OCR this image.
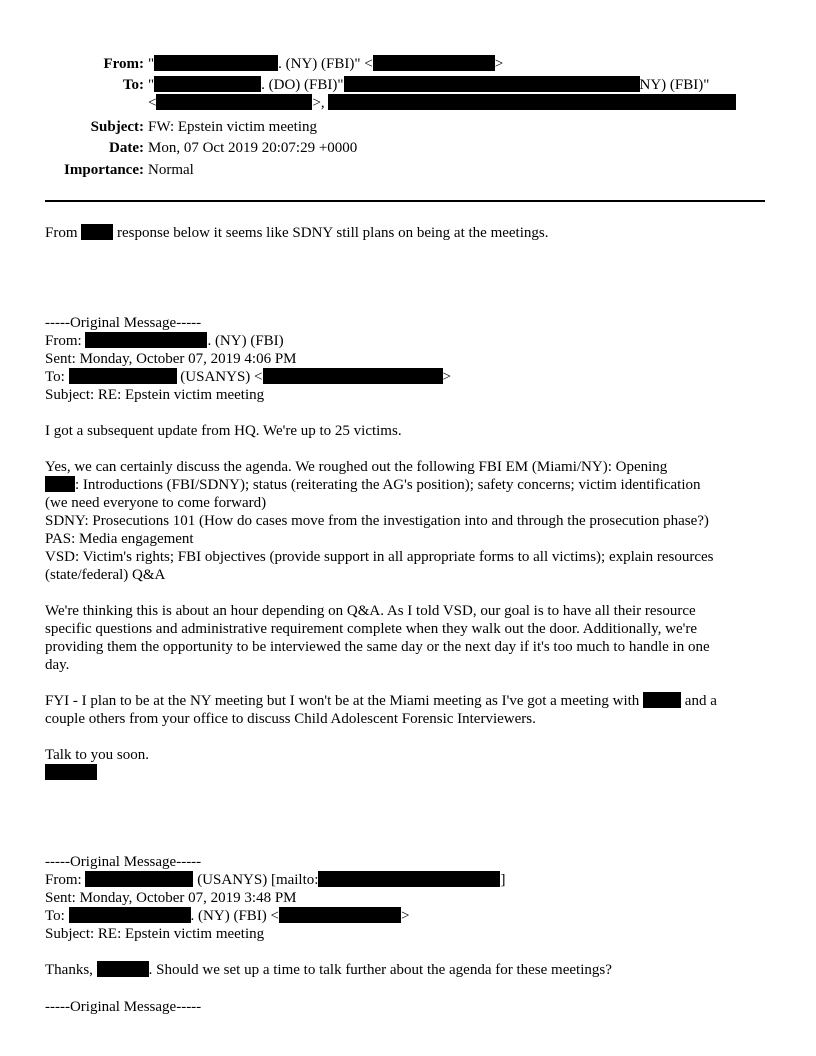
From: "	. (NY) (FBI)" <	>
To: "	. (DO) (FBI)"	NY) (FBI)"
<	>,
Subject: FW: Epstein victim meeting
Date: Mon, 07 Oct 2019 20:07:29 +0000
Importance: Normal
From	response below it seems like SDNY still plans on being at the meetings.
-----Original Message-----
From:	. (NY) (FBI)
Sent: Monday, October 07, 2019 4:06 PM
To:	(USANYS) <	>
Subject: RE: Epstein victim meeting
I got a subsequent update from HQ. We're up to 25 victims.
Yes, we can certainly discuss the agenda. We roughed out the following FBI EM (Miami/NY): Opening
: Introductions (FBI/SDNY); status (reiterating the AG's position); safety concerns; victim identification
(we need everyone to come forward)
SDNY: Prosecutions 101 (How do cases move from the investigation into and through the prosecution phase?)
PAS: Media engagement
VSD: Victim's rights; FBI objectives (provide support in all appropriate forms to all victims); explain resources
(state/federal) Q&A
We're thinking this is about an hour depending on Q&A. As I told VSD, our goal is to have all their resource
specific questions and administrative requirement complete when they walk out the door. Additionally, we're
providing them the opportunity to be interviewed the same day or the next day if it's too much to handle in one
day.
FYI - I plan to be at the NY meeting but I won't be at the Miami meeting as I've got a meeting with	and a
couple others from your office to discuss Child Adolescent Forensic Interviewers.
Talk to you soon.
-----Original Message-----
From:	(USANYS) [mailto:	]
Sent: Monday, October 07, 2019 3:48 PM
To:	. (NY) (FBI) <	>
Subject: RE: Epstein victim meeting
Thanks,	. Should we set up a time to talk further about the agenda for these meetings?
-----Original Message-----
